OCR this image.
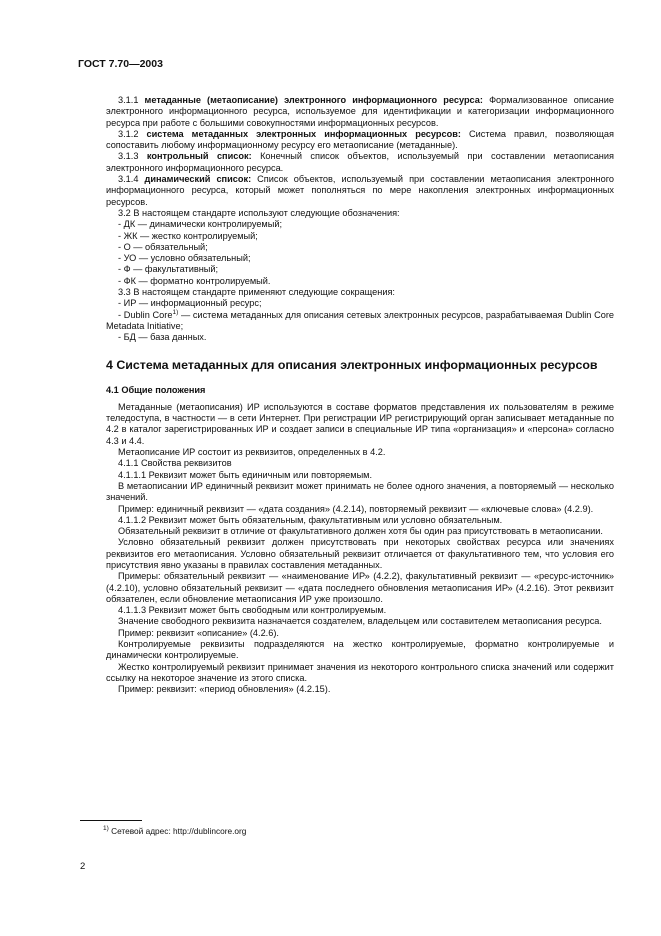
ГОСТ 7.70—2003

3.1.1 метаданные (метаописание) электронного информационного ресурса: Формализованное описание электронного информационного ресурса, используемое для идентификации и категоризации информационного ресурса при работе с большими совокупностями информационных ресурсов.

3.1.2 система метаданных электронных информационных ресурсов: Система правил, позволяющая сопоставить любому информационному ресурсу его метаописание (метаданные).

3.1.3 контрольный список: Конечный список объектов, используемый при составлении метаописания электронного информационного ресурса.

3.1.4 динамический список: Список объектов, используемый при составлении метаописания электронного информационного ресурса, который может пополняться по мере накопления электронных информационных ресурсов.

3.2 В настоящем стандарте используют следующие обозначения:

- ДК — динамически контролируемый;

- ЖК — жестко контролируемый;

- О — обязательный;

- УО — условно обязательный;

- Ф — факультативный;

- ФК — форматно контролируемый.

3.3 В настоящем стандарте применяют следующие сокращения:

- ИР — информационный ресурс;

- Dublin Core$^{1)}$ — система метаданных для описания сетевых электронных ресурсов, разрабатываемая Dublin Core Metadata Initiative;

- БД — база данных.

4 Система метаданных для описания электронных информационных ресурсов

4.1 Общие положения

Метаданные (метаописания) ИР используются в составе форматов представления их пользователям в режиме теледоступа, в частности — в сети Интернет. При регистрации ИР регистрирующий орган записывает метаданные по 4.2 в каталог зарегистрированных ИР и создает записи в специальные ИР типа «организация» и «персона» согласно 4.3 и 4.4.

Метаописание ИР состоит из реквизитов, определенных в 4.2.

4.1.1 Свойства реквизитов

4.1.1.1 Реквизит может быть единичным или повторяемым.

В метаописании ИР единичный реквизит может принимать не более одного значения, а повторяемый — несколько значений.

Пример: единичный реквизит — «дата создания» (4.2.14), повторяемый реквизит — «ключевые слова» (4.2.9).

4.1.1.2 Реквизит может быть обязательным, факультативным или условно обязательным.

Обязательный реквизит в отличие от факультативного должен хотя бы один раз присутствовать в метаописании.

Условно обязательный реквизит должен присутствовать при некоторых свойствах ресурса или значениях реквизитов его метаописания. Условно обязательный реквизит отличается от факультативного тем, что условия его присутствия явно указаны в правилах составления метаданных.

Примеры: обязательный реквизит — «наименование ИР» (4.2.2), факультативный реквизит — «ресурс-источник» (4.2.10), условно обязательный реквизит — «дата последнего обновления метаописания ИР» (4.2.16). Этот реквизит обязателен, если обновление метаописания ИР уже произошло.

4.1.1.3 Реквизит может быть свободным или контролируемым.

Значение свободного реквизита назначается создателем, владельцем или составителем метаописания ресурса.

Пример: реквизит «описание» (4.2.6).

Контролируемые реквизиты подразделяются на жестко контролируемые, форматно контролируемые и динамически контролируемые.

Жестко контролируемый реквизит принимает значения из некоторого контрольного списка значений или содержит ссылку на некоторое значение из этого списка.

Пример: реквизит: «период обновления» (4.2.15).

$^{1)}$ Сетевой адрес: http://dublincore.org
2
